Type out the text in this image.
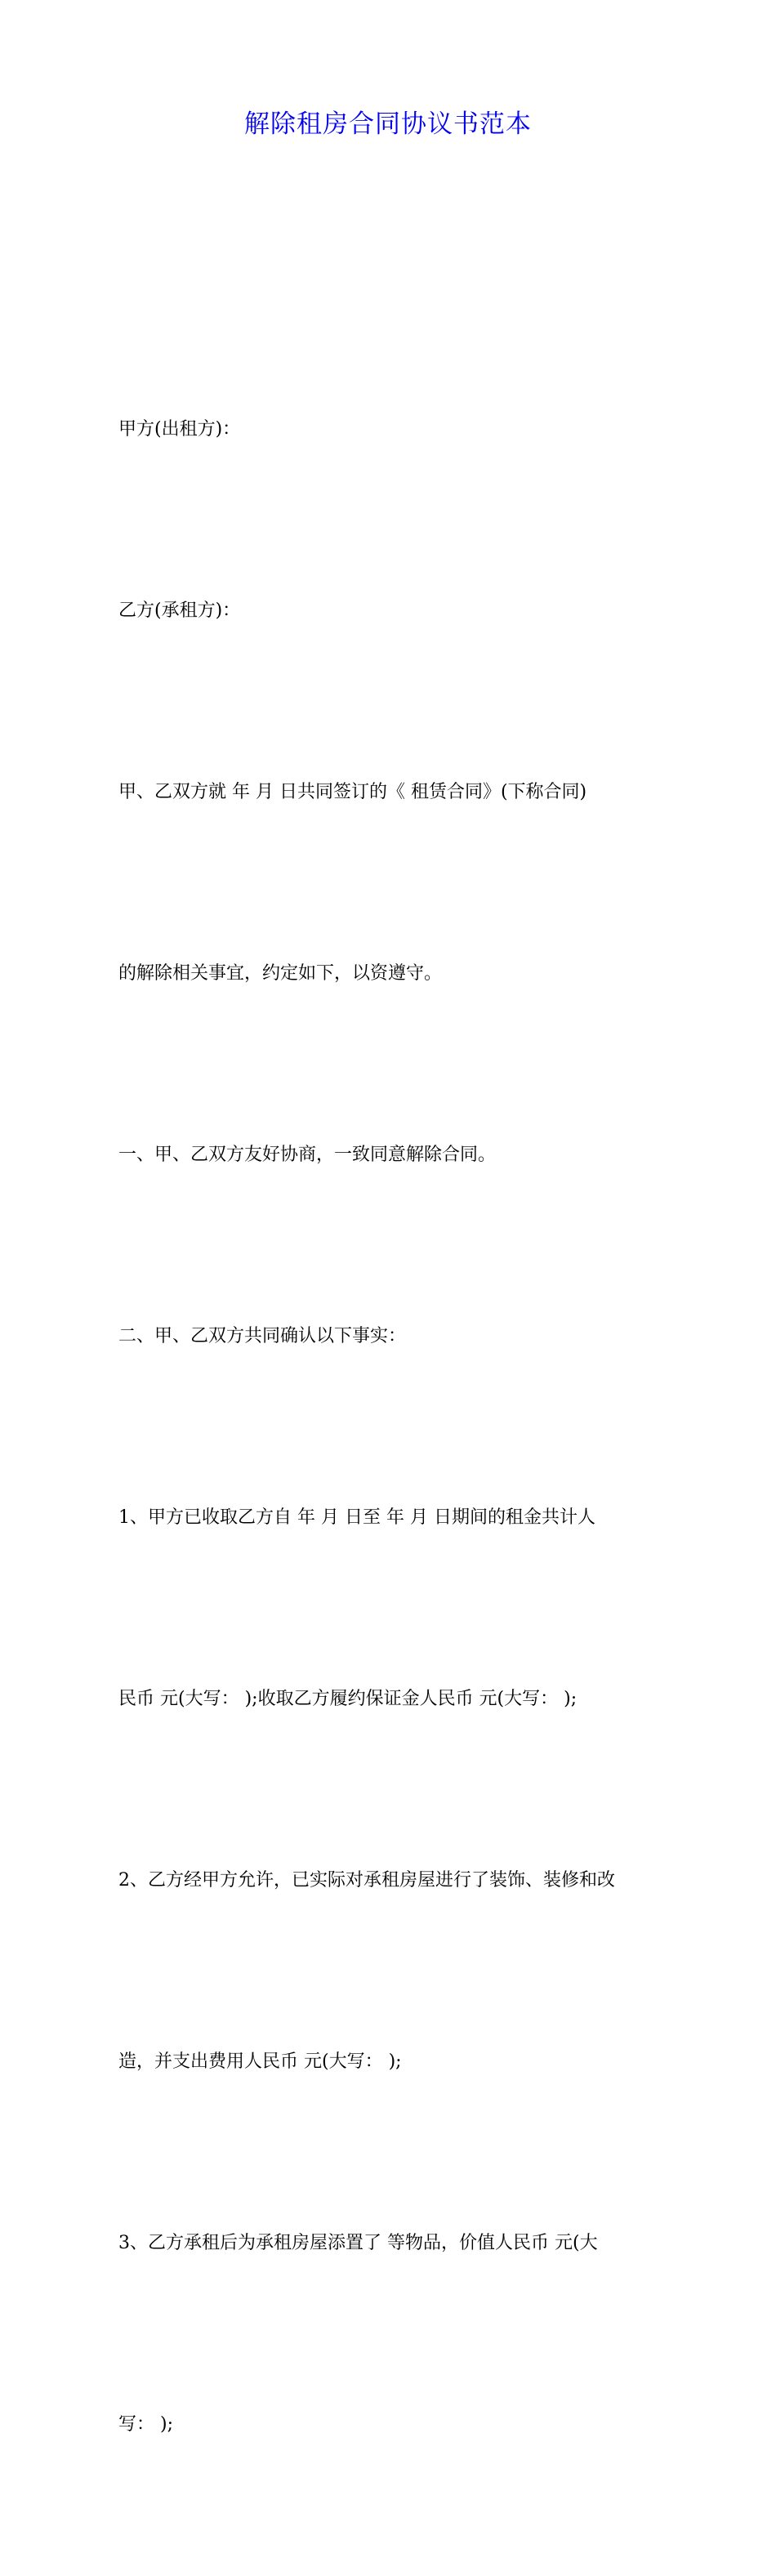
解除租房合同协议书范本

甲方(出租方)：

乙方(承租方)：

甲、乙双方就 年 月 日共同签订的《 租赁合同》(下称合同)

的解除相关事宜，约定如下，以资遵守。

一、甲、乙双方友好协商，一致同意解除合同。

二、甲、乙双方共同确认以下事实：

1、甲方已收取乙方自 年 月 日至 年 月 日期间的租金共计人

民币 元(大写： );收取乙方履约保证金人民币 元(大写： );

2、乙方经甲方允许，已实际对承租房屋进行了装饰、装修和改

造，并支出费用人民币 元(大写： );

3、乙方承租后为承租房屋添置了 等物品，价值人民币 元(大

写： );
